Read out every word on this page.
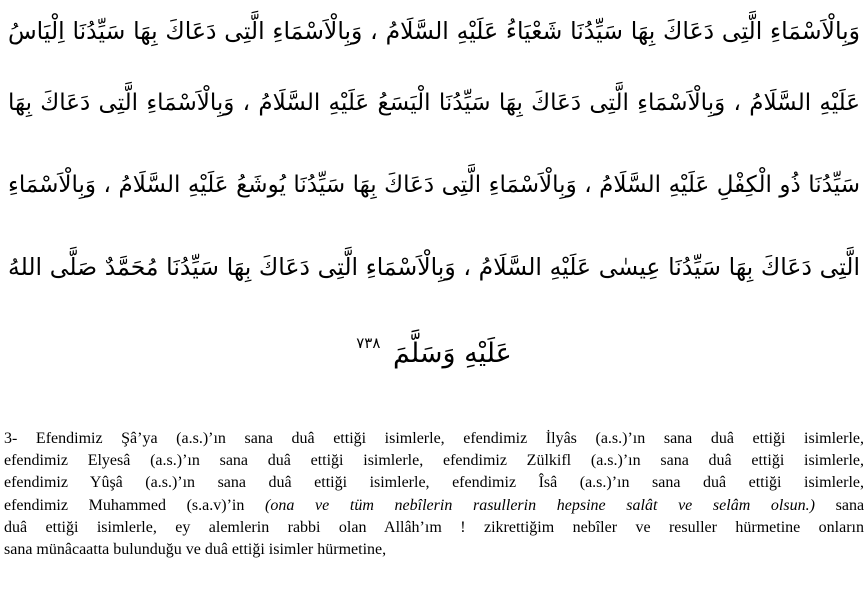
وَبِالْاَسْمَاءِ الَّتِى دَعَاكَ بِهَا سَيِّدُنَا شَعْيَاءُ عَلَيْهِ السَّلَامُ ، وَبِالْاَسْمَاءِ الَّتِى دَعَاكَ بِهَا سَيِّدُنَا اِلْيَاسُ
عَلَيْهِ السَّلَامُ ، وَبِالْاَسْمَاءِ الَّتِى دَعَاكَ بِهَا سَيِّدُنَا الْيَسَعُ عَلَيْهِ السَّلَامُ ، وَبِالْاَسْمَاءِ الَّتِى دَعَاكَ بِهَا
سَيِّدُنَا ذُو الْكِفْلِ عَلَيْهِ السَّلَامُ ، وَبِالْاَسْمَاءِ الَّتِى دَعَاكَ بِهَا سَيِّدُنَا يُوشَعُ عَلَيْهِ السَّلَامُ ، وَبِالْاَسْمَاءِ
الَّتِى دَعَاكَ بِهَا سَيِّدُنَا عِيسٰى عَلَيْهِ السَّلَامُ ، وَبِالْاَسْمَاءِ الَّتِى دَعَاكَ بِهَا سَيِّدُنَا مُحَمَّدٌ صَلَّى اللهُ
عَلَيْهِ وَسَلَّمَ $^{٧٣٨}$
3- Efendimiz Şâ’ya (a.s.)’ın sana duâ ettiği isimlerle, efendimiz İlyâs (a.s.)’ın sana duâ ettiği isimlerle,
efendimiz Elyesâ (a.s.)’ın sana duâ ettiği isimlerle, efendimiz Zülkifl (a.s.)’ın sana duâ ettiği isimlerle,
efendimiz Yûşâ (a.s.)’ın sana duâ ettiği isimlerle, efendimiz Îsâ (a.s.)’ın sana duâ ettiği isimlerle,
efendimiz Muhammed (s.a.v)’in (ona ve tüm nebîlerin rasullerin hepsine salât ve selâm olsun.) sana
duâ ettiği isimlerle, ey alemlerin rabbi olan Allâh’ım ! zikrettiğim nebîler ve resuller hürmetine onların
sana münâcaatta bulunduğu ve duâ ettiği isimler hürmetine,
